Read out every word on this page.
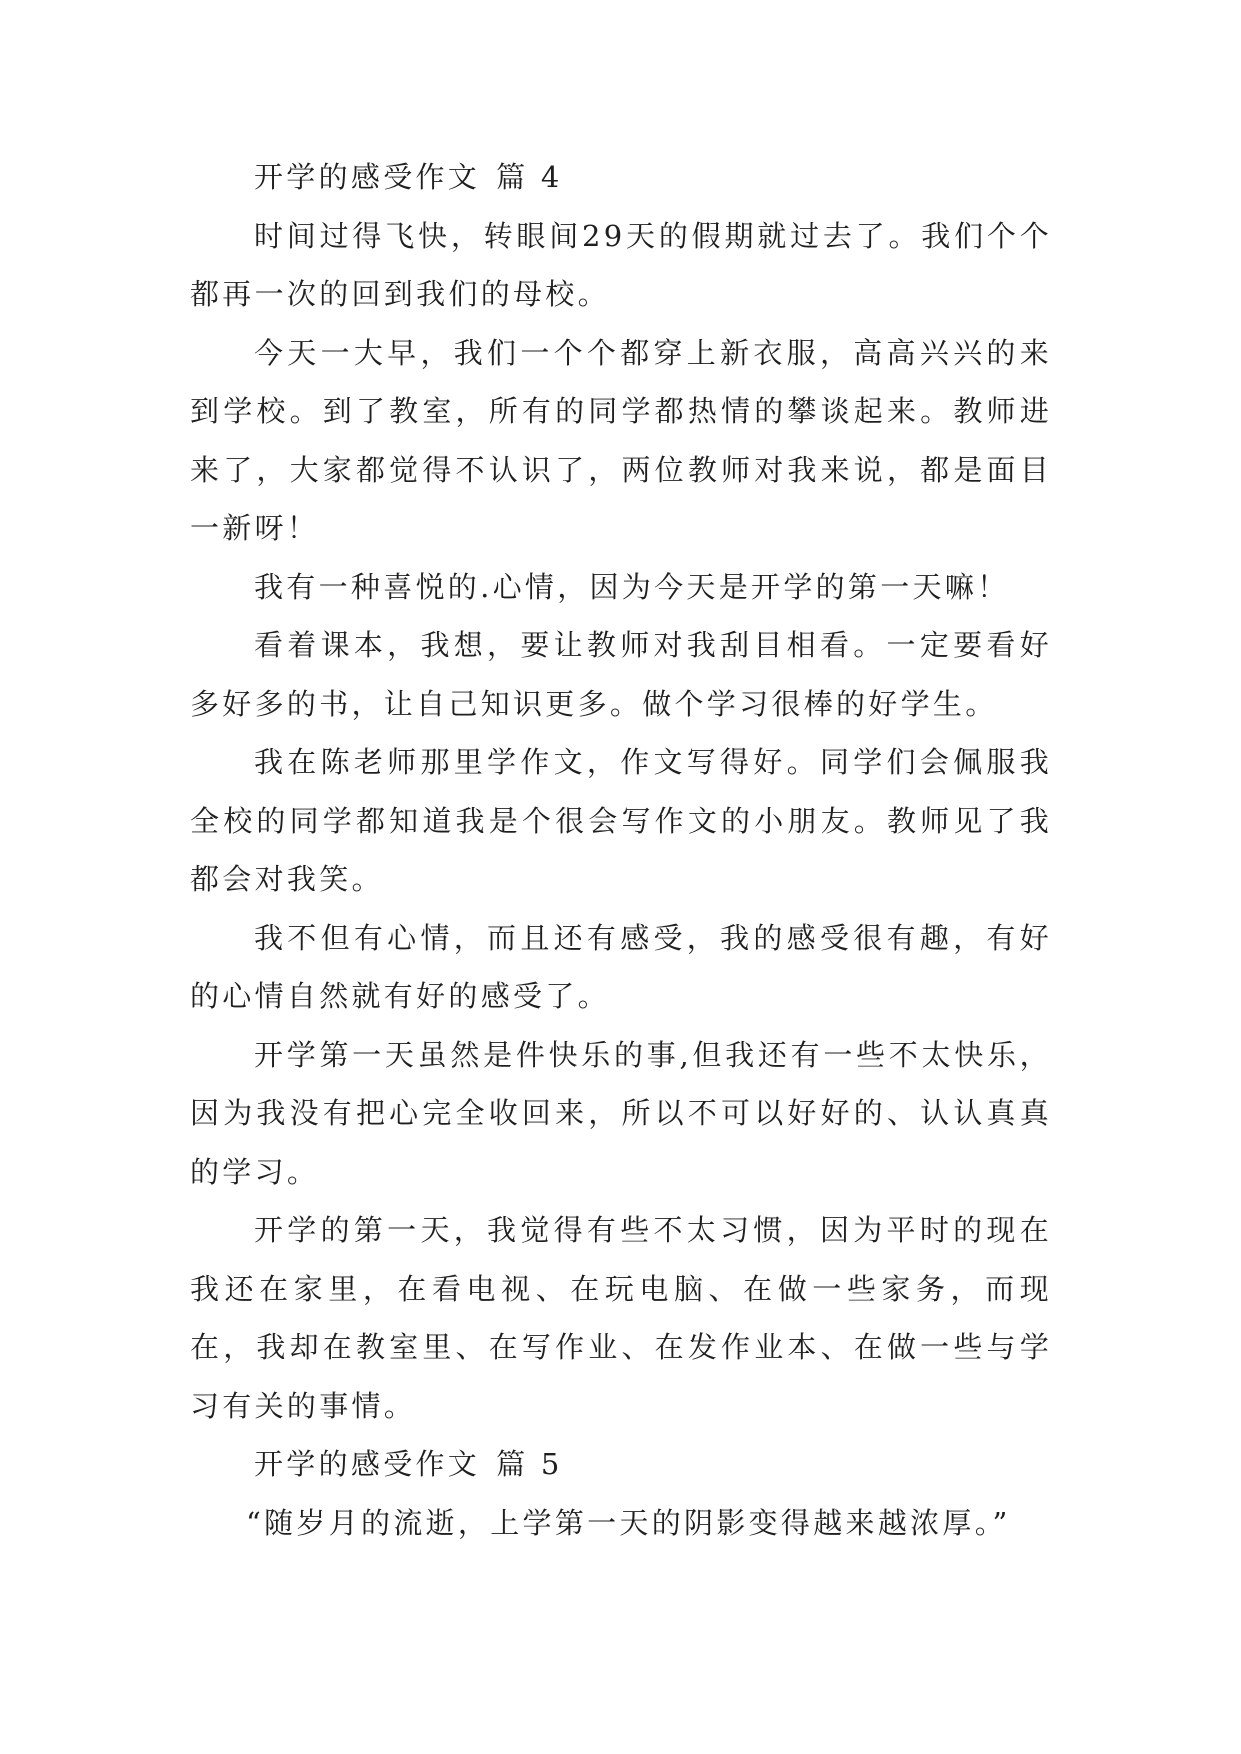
开学的感受作文 篇 4

时间过得飞快，转眼间29天的假期就过去了。我们个个都再一次的回到我们的母校。

今天一大早，我们一个个都穿上新衣服，高高兴兴的来到学校。到了教室，所有的同学都热情的攀谈起来。教师进来了，大家都觉得不认识了，两位教师对我来说，都是面目一新呀！

我有一种喜悦的.心情，因为今天是开学的第一天嘛！

看着课本，我想，要让教师对我刮目相看。一定要看好多好多的书，让自己知识更多。做个学习很棒的好学生。

我在陈老师那里学作文，作文写得好。同学们会佩服我全校的同学都知道我是个很会写作文的小朋友。教师见了我都会对我笑。

我不但有心情，而且还有感受，我的感受很有趣，有好的心情自然就有好的感受了。

开学第一天虽然是件快乐的事,但我还有一些不太快乐，因为我没有把心完全收回来，所以不可以好好的、认认真真的学习。

开学的第一天，我觉得有些不太习惯，因为平时的现在我还在家里，在看电视、在玩电脑、在做一些家务，而现在，我却在教室里、在写作业、在发作业本、在做一些与学习有关的事情。

开学的感受作文 篇 5

“随岁月的流逝，上学第一天的阴影变得越来越浓厚。”
